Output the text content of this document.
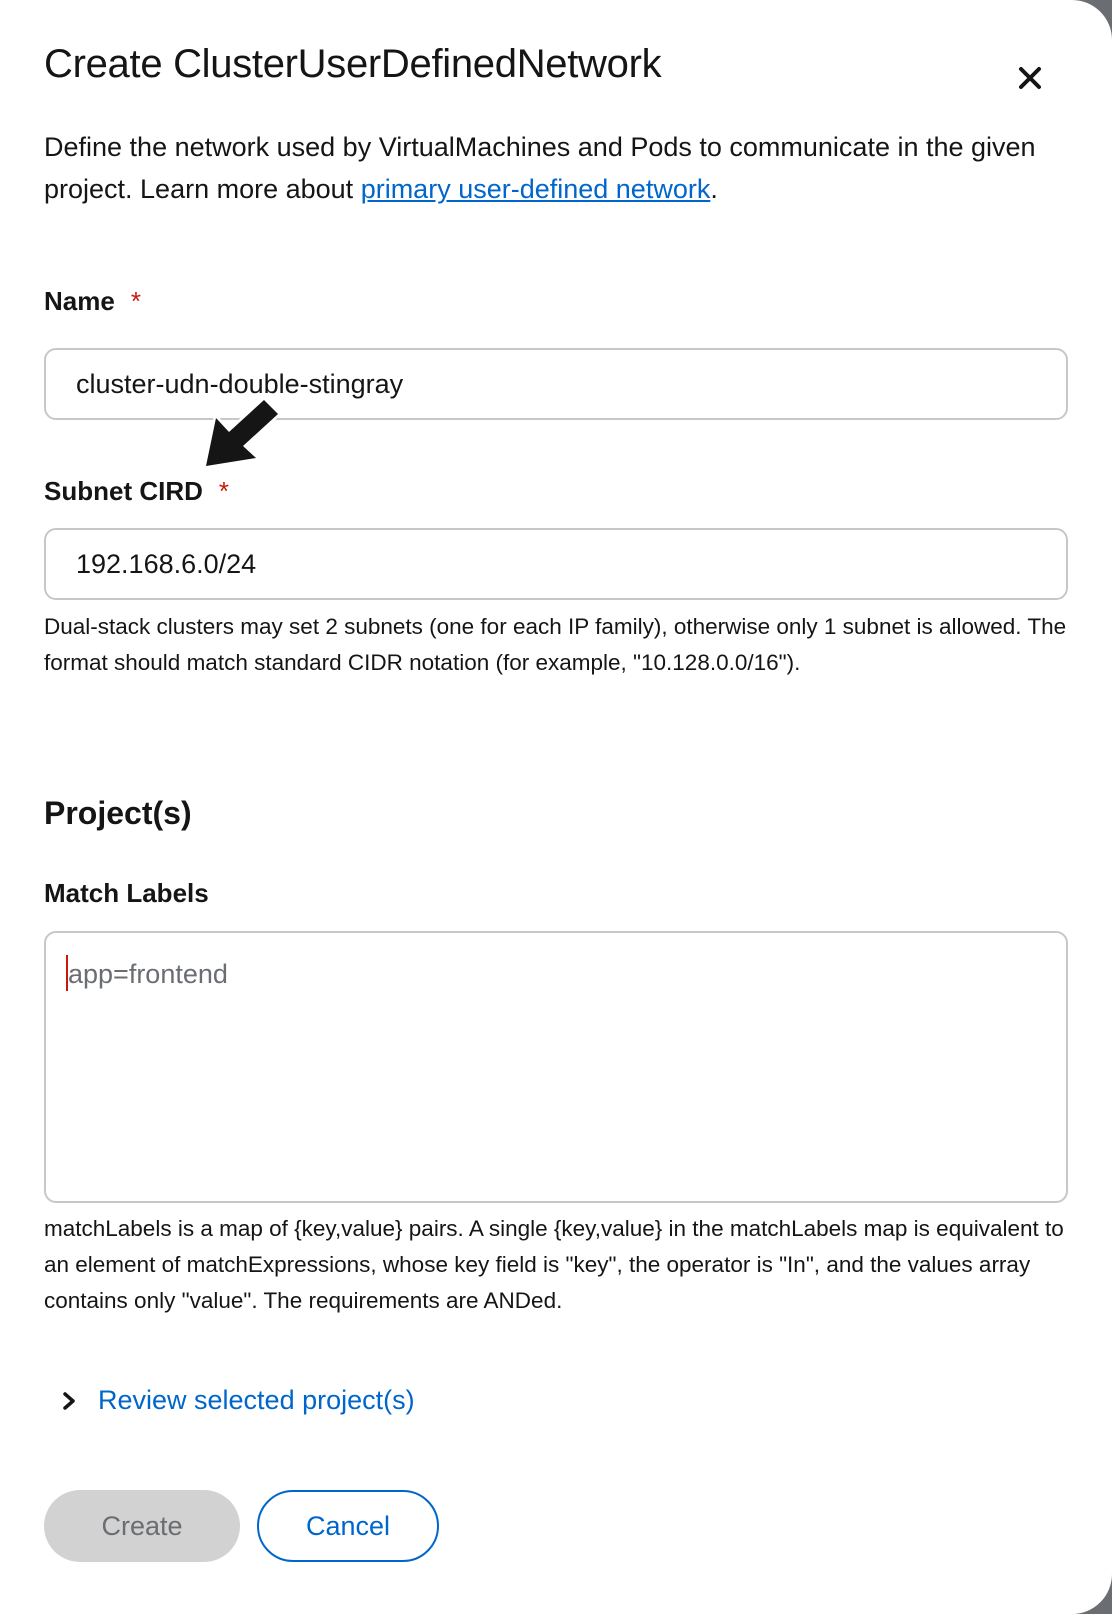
Create ClusterUserDefinedNetwork

Define the network used by VirtualMachines and Pods to communicate in the given project. Learn more about primary user-defined network.

Name *
cluster-udn-double-stingray
Subnet CIRD *
192.168.6.0/24

Dual-stack clusters may set 2 subnets (one for each IP family), otherwise only 1 subnet is allowed. The format should match standard CIDR notation (for example, "10.128.0.0/16").

Project(s)
Match Labels
app=frontend

matchLabels is a map of {key,value} pairs. A single {key,value} in the matchLabels map is equivalent to an element of matchExpressions, whose key field is "key", the operator is "In", and the values array contains only "value". The requirements are ANDed.

Review selected project(s)
Create	Cancel
